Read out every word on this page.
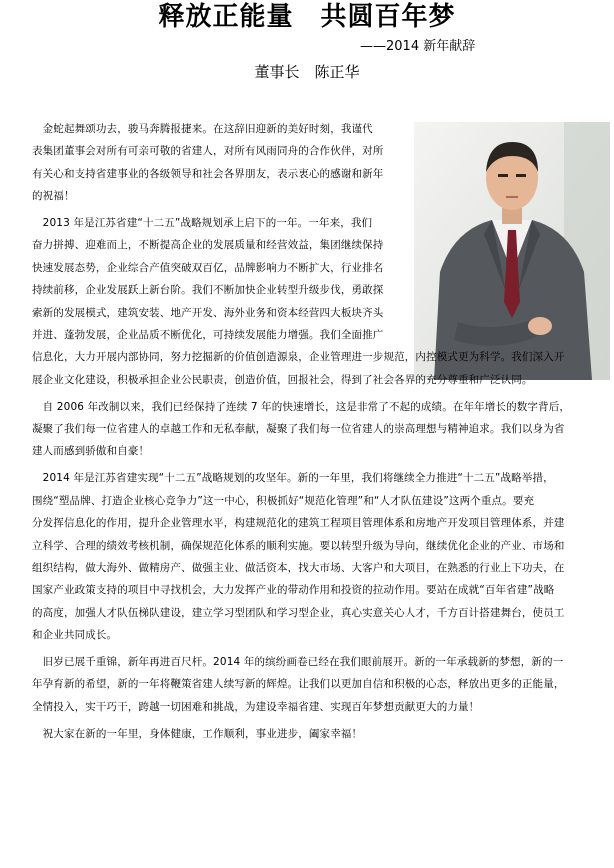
释放正能量　共圆百年梦
——2014 新年献辞
董事长　陈正华
　金蛇起舞颂功去，骏马奔腾报捷来。在这辞旧迎新的美好时刻，我谨代
表集团董事会对所有可亲可敬的省建人，对所有风雨同舟的合作伙伴，对所
有关心和支持省建事业的各级领导和社会各界朋友，表示衷心的感谢和新年
的祝福！
　2013 年是江苏省建“十二五”战略规划承上启下的一年。一年来，我们
奋力拼搏、迎难而上，不断提高企业的发展质量和经营效益，集团继续保持
快速发展态势，企业综合产值突破双百亿，品牌影响力不断扩大，行业排名
持续前移，企业发展跃上新台阶。我们不断加快企业转型升级步伐，勇敢探
索新的发展模式，建筑安装、地产开发、海外业务和资本经营四大板块齐头
并进、蓬勃发展，企业品质不断优化，可持续发展能力增强。我们全面推广
信息化，大力开展内部协同，努力挖掘新的价值创造源泉，企业管理进一步规范，内控模式更为科学。我们深入开
展企业文化建设，积极承担企业公民职责，创造价值，回报社会，得到了社会各界的充分尊重和广泛认同。
　自 2006 年改制以来，我们已经保持了连续 7 年的快速增长，这是非常了不起的成绩。在年年增长的数字背后，
凝聚了我们每一位省建人的卓越工作和无私奉献，凝聚了我们每一位省建人的崇高理想与精神追求。我们以身为省
建人而感到骄傲和自豪！
　2014 年是江苏省建实现“十二五”战略规划的攻坚年。新的一年里，我们将继续全力推进“十二五”战略举措，
围绕“塑品牌、打造企业核心竞争力”这一中心，积极抓好“规范化管理”和“人才队伍建设”这两个重点。要充
分发挥信息化的作用，提升企业管理水平，构建规范化的建筑工程项目管理体系和房地产开发项目管理体系，并建
立科学、合理的绩效考核机制，确保规范化体系的顺利实施。要以转型升级为导向，继续优化企业的产业、市场和
组织结构，做大海外、做精房产、做强主业、做活资本，找大市场、大客户和大项目，在熟悉的行业上下功夫，在
国家产业政策支持的项目中寻找机会，大力发挥产业的带动作用和投资的拉动作用。要站在成就“百年省建”战略
的高度，加强人才队伍梯队建设，建立学习型团队和学习型企业，真心实意关心人才，千方百计搭建舞台，使员工
和企业共同成长。
　旧岁已展千重锦，新年再进百尺杆。2014 年的缤纷画卷已经在我们眼前展开。新的一年承载新的梦想，新的一
年孕育新的希望，新的一年将鞭策省建人续写新的辉煌。让我们以更加自信和积极的心态，释放出更多的正能量，
全情投入，实干巧干，跨越一切困难和挑战，为建设幸福省建、实现百年梦想贡献更大的力量！
　祝大家在新的一年里，身体健康，工作顺利，事业进步，阖家幸福！
